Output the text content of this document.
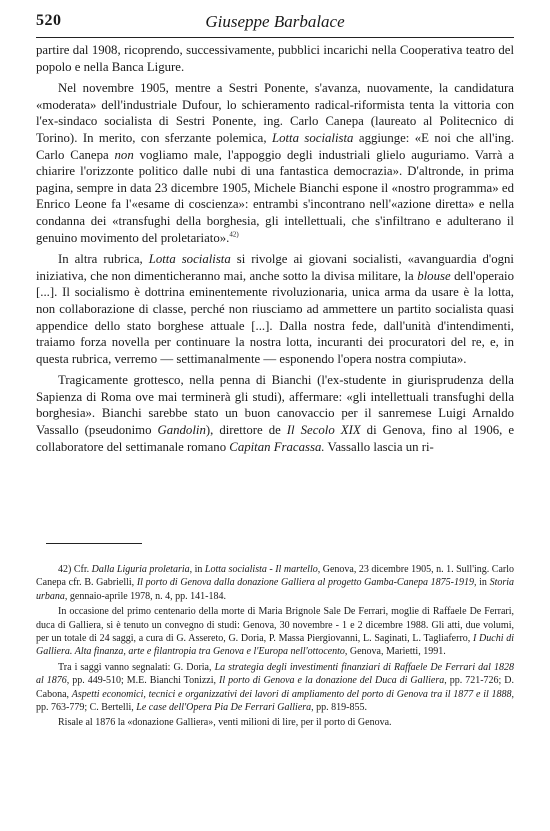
520	Giuseppe Barbalace

partire dal 1908, ricoprendo, successivamente, pubblici incarichi nella Cooperativa teatro del popolo e nella Banca Ligure.

Nel novembre 1905, mentre a Sestri Ponente, s'avanza, nuovamente, la candidatura «moderata» dell'industriale Dufour, lo schieramento radical-riformista tenta la vittoria con l'ex-sindaco socialista di Sestri Ponente, ing. Carlo Canepa (laureato al Politecnico di Torino). In merito, con sferzante polemica, Lotta socialista aggiunge: «E noi che all'ing. Carlo Canepa non vogliamo male, l'appoggio degli industriali glielo auguriamo. Varrà a chiarire l'orizzonte politico dalle nubi di una fantastica democrazia». D'altronde, in prima pagina, sempre in data 23 dicembre 1905, Michele Bianchi espone il «nostro programma» ed Enrico Leone fa l'«esame di coscienza»: entrambi s'incontrano nell'«azione diretta» e nella condanna dei «transfughi della borghesia, gli intellettuali, che s'infiltrano e adulterano il genuino movimento del proletariato».$^{42)}$

In altra rubrica, Lotta socialista si rivolge ai giovani socialisti, «avanguardia d'ogni iniziativa, che non dimenticheranno mai, anche sotto la divisa militare, la blouse dell'operaio [...]. Il socialismo è dottrina eminentemente rivoluzionaria, unica arma da usare è la lotta, non collaborazione di classe, perché non riusciamo ad ammettere un partito socialista quasi appendice dello stato borghese attuale [...]. Dalla nostra fede, dall'unità d'intendimenti, traiamo forza novella per continuare la nostra lotta, incuranti dei procuratori del re, e, in questa rubrica, verremo — settimanalmente — esponendo l'opera nostra compiuta».

Tragicamente grottesco, nella penna di Bianchi (l'ex-studente in giurisprudenza della Sapienza di Roma ove mai terminerà gli studi), affermare: «gli intellettuali transfughi della borghesia». Bianchi sarebbe stato un buon canovaccio per il sanremese Luigi Arnaldo Vassallo (pseudonimo Gandolin), direttore de Il Secolo XIX di Genova, fino al 1906, e collaboratore del settimanale romano Capitan Fracassa. Vassallo lascia un ri-

42) Cfr. Dalla Liguria proletaria, in Lotta socialista - Il martello, Genova, 23 dicembre 1905, n. 1. Sull'ing. Carlo Canepa cfr. B. Gabrielli, Il porto di Genova dalla donazione Galliera al progetto Gamba-Canepa 1875-1919, in Storia urbana, gennaio-aprile 1978, n. 4, pp. 141-184.

In occasione del primo centenario della morte di Maria Brignole Sale De Ferrari, moglie di Raffaele De Ferrari, duca di Galliera, si è tenuto un convegno di studi: Genova, 30 novembre - 1 e 2 dicembre 1988. Gli atti, due volumi, per un totale di 24 saggi, a cura di G. Assereto, G. Doria, P. Massa Piergiovanni, L. Saginati, L. Tagliaferro, I Duchi di Galliera. Alta finanza, arte e filantropia tra Genova e l'Europa nell'ottocento, Genova, Marietti, 1991.

Tra i saggi vanno segnalati: G. Doria, La strategia degli investimenti finanziari di Raffaele De Ferrari dal 1828 al 1876, pp. 449-510; M.E. Bianchi Tonizzi, Il porto di Genova e la donazione del Duca di Galliera, pp. 721-726; D. Cabona, Aspetti economici, tecnici e organizzativi dei lavori di ampliamento del porto di Genova tra il 1877 e il 1888, pp. 763-779; C. Bertelli, Le case dell'Opera Pia De Ferrari Galliera, pp. 819-855.

Risale al 1876 la «donazione Galliera», venti milioni di lire, per il porto di Genova.
